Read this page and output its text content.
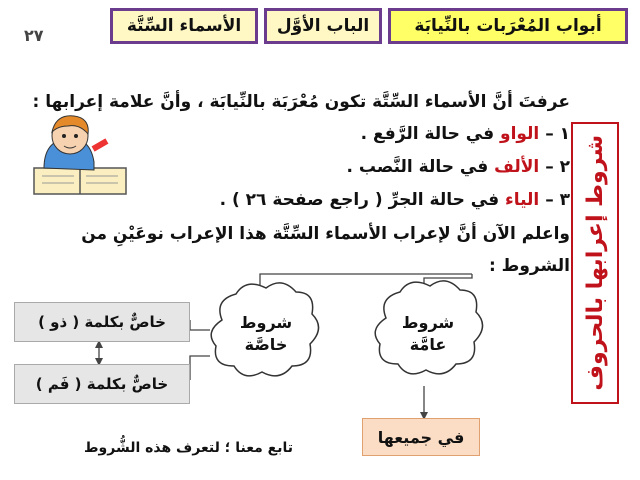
أبواب المُعْرَبات بالنِّيابَة
الباب الأوَّل
الأسماء السِّتَّة
٢٧
عرفتَ أنَّ الأسماء السِّتَّة تكون مُعْرَبَة بالنِّيابَة ، وأنَّ علامة إعرابها :
١ – الواو في حالة الرَّفع .
٢ – الألف في حالة النَّصب .
٣ – الياء في حالة الجرِّ ( راجع صفحة ٢٦ ) .
واعلم الآن أنَّ لإعراب الأسماء السِّتَّة هذا الإعراب نوعَيْنِ من
الشروط : شروط إعرابها بالحروف
شروط
خاصَّة
شروط
عامَّة
خاصٌّ بكلمة ( ذو )
خاصٌّ بكلمة ( فَم )
في جميعها
تابع معنا ؛ لتعرف هذه الشُّروط
